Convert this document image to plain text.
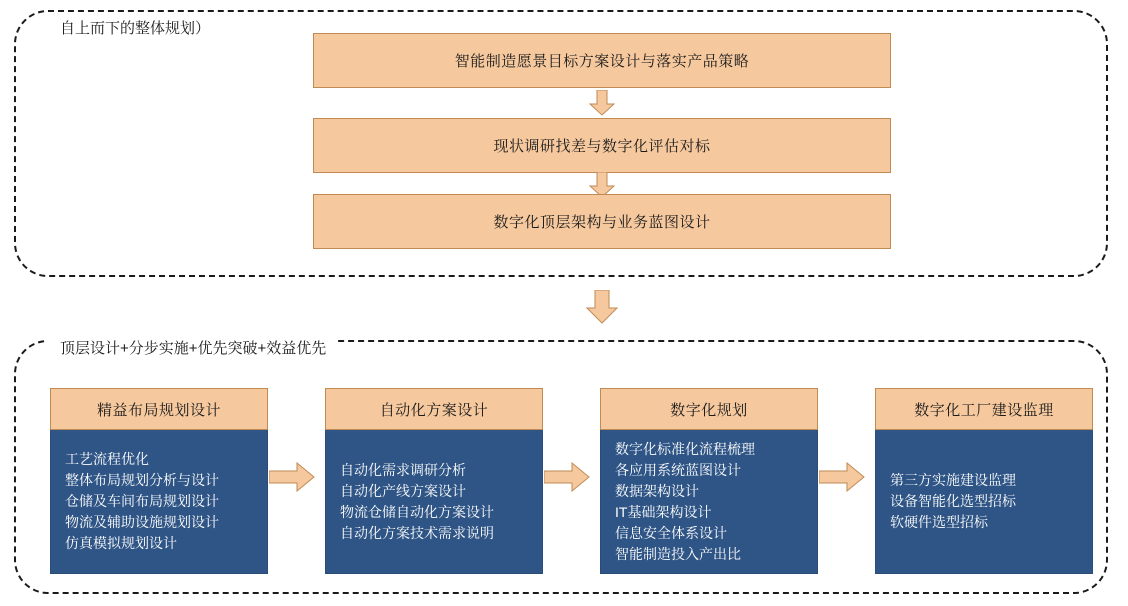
自上而下的整体规划）
智能制造愿景目标方案设计与落实产品策略
现状调研找差与数字化评估对标
数字化顶层架构与业务蓝图设计
顶层设计+分步实施+优先突破+效益优先
精益布局规划设计
工艺流程优化
整体布局规划分析与设计
仓储及车间布局规划设计
物流及辅助设施规划设计
仿真模拟规划设计
自动化方案设计
自动化需求调研分析
自动化产线方案设计
物流仓储自动化方案设计
自动化方案技术需求说明
数字化规划
数字化标准化流程梳理
各应用系统蓝图设计
数据架构设计
IT基础架构设计
信息安全体系设计
智能制造投入产出比
数字化工厂建设监理
第三方实施建设监理
设备智能化选型招标
软硬件选型招标
